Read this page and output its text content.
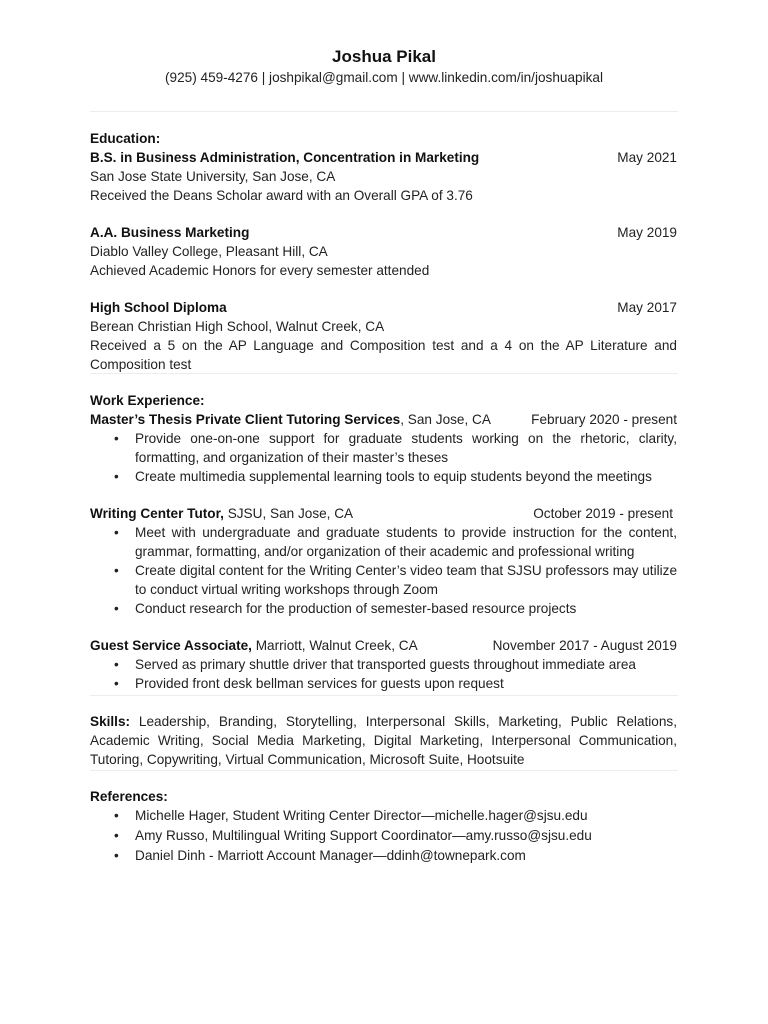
Joshua Pikal
(925) 459-4276 | joshpikal@gmail.com | www.linkedin.com/in/joshuapikal
Education:
B.S. in Business Administration, Concentration in Marketing	May 2021
San Jose State University, San Jose, CA
Received the Deans Scholar award with an Overall GPA of 3.76
A.A. Business Marketing	May 2019
Diablo Valley College, Pleasant Hill, CA
Achieved Academic Honors for every semester attended
High School Diploma	May 2017
Berean Christian High School, Walnut Creek, CA
Received a 5 on the AP Language and Composition test and a 4 on the AP Literature and Composition test
Work Experience:
Master’s Thesis Private Client Tutoring Services, San Jose, CA	February 2020 - present
• Provide one-on-one support for graduate students working on the rhetoric, clarity, formatting, and organization of their master’s theses
• Create multimedia supplemental learning tools to equip students beyond the meetings
Writing Center Tutor, SJSU, San Jose, CA	October 2019 - present
• Meet with undergraduate and graduate students to provide instruction for the content, grammar, formatting, and/or organization of their academic and professional writing
• Create digital content for the Writing Center’s video team that SJSU professors may utilize to conduct virtual writing workshops through Zoom
• Conduct research for the production of semester-based resource projects
Guest Service Associate, Marriott, Walnut Creek, CA	November 2017 - August 2019
• Served as primary shuttle driver that transported guests throughout immediate area
• Provided front desk bellman services for guests upon request
Skills: Leadership, Branding, Storytelling, Interpersonal Skills, Marketing, Public Relations, Academic Writing, Social Media Marketing, Digital Marketing, Interpersonal Communication, Tutoring, Copywriting, Virtual Communication, Microsoft Suite, Hootsuite
References:
• Michelle Hager, Student Writing Center Director—michelle.hager@sjsu.edu
• Amy Russo, Multilingual Writing Support Coordinator—amy.russo@sjsu.edu
• Daniel Dinh - Marriott Account Manager—ddinh@townepark.com
